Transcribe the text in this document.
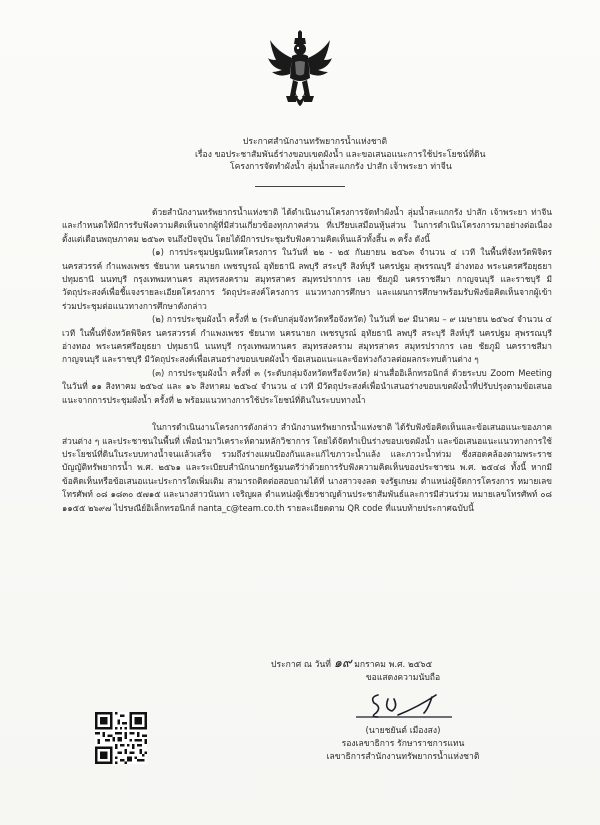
ประกาศสำนักงานทรัพยากรน้ำแห่งชาติ
เรื่อง ขอประชาสัมพันธ์ร่างขอบเขตผังน้ำ และขอเสนอแนะการใช้ประโยชน์ที่ดิน
โครงการจัดทำผังน้ำ ลุ่มน้ำสะแกกรัง ปาสัก เจ้าพระยา ท่าจีน

ด้วยสำนักงานทรัพยากรน้ำแห่งชาติ ได้ดำเนินงานโครงการจัดทำผังน้ำ ลุ่มน้ำสะแกกรัง ปาสัก เจ้าพระยา ท่าจีน และกำหนดให้มีการรับฟังความคิดเห็นจากผู้ที่มีส่วนเกี่ยวข้องทุกภาคส่วน ที่เปรียบเสมือนหุ้นส่วน ในการดำเนินโครงการมาอย่างต่อเนื่องตั้งแต่เดือนพฤษภาคม ๒๕๖๓ จนถึงปัจจุบัน โดยได้มีการประชุมรับฟังความคิดเห็นแล้วทั้งสิ้น ๓ ครั้ง ดังนี้

(๑) การประชุมปฐมนิเทศโครงการ ในวันที่ ๒๒ - ๒๕ กันยายน ๒๕๖๓ จำนวน ๔ เวที ในพื้นที่จังหวัดพิจิตร นครสวรรค์ กำแพงเพชร ชัยนาท นครนายก เพชรบูรณ์ อุทัยธานี ลพบุรี สระบุรี สิงห์บุรี นครปฐม สุพรรณบุรี อ่างทอง พระนครศรีอยุธยา ปทุมธานี นนทบุรี กรุงเทพมหานคร สมุทรสงคราม สมุทรสาคร สมุทรปราการ เลย ชัยภูมิ นครราชสีมา กาญจนบุรี และราชบุรี มีวัตถุประสงค์เพื่อชี้แจงรายละเอียดโครงการ วัตถุประสงค์โครงการ แนวทางการศึกษา และแผนการศึกษาพร้อมรับฟังข้อคิดเห็นจากผู้เข้าร่วมประชุมต่อแนวทางการศึกษาดังกล่าว

(๒) การประชุมผังน้ำ ครั้งที่ ๒ (ระดับกลุ่มจังหวัดหรือจังหวัด) ในวันที่ ๒๙ มีนาคม – ๙ เมษายน ๒๕๖๔ จำนวน ๔ เวที ในพื้นที่จังหวัดพิจิตร นครสวรรค์ กำแพงเพชร ชัยนาท นครนายก เพชรบูรณ์ อุทัยธานี ลพบุรี สระบุรี สิงห์บุรี นครปฐม สุพรรณบุรี อ่างทอง พระนครศรีอยุธยา ปทุมธานี นนทบุรี กรุงเทพมหานคร สมุทรสงคราม สมุทรสาคร สมุทรปราการ เลย ชัยภูมิ นครราชสีมา กาญจนบุรี และราชบุรี มีวัตถุประสงค์เพื่อเสนอร่างขอบเขตผังน้ำ ข้อเสนอแนะและข้อห่วงกังวลต่อผลกระทบด้านต่าง ๆ

(๓) การประชุมผังน้ำ ครั้งที่ ๓ (ระดับกลุ่มจังหวัดหรือจังหวัด) ผ่านสื่ออิเล็กทรอนิกส์ ด้วยระบบ Zoom Meeting ในวันที่ ๑๑ สิงหาคม ๒๕๖๔ และ ๑๖ สิงหาคม ๒๕๖๔ จำนวน ๔ เวที มีวัตถุประสงค์เพื่อนำเสนอร่างขอบเขตผังน้ำที่ปรับปรุงตามข้อเสนอแนะจากการประชุมผังน้ำ ครั้งที่ ๒ พร้อมแนวทางการใช้ประโยชน์ที่ดินในระบบทางน้ำ

ในการดำเนินงานโครงการดังกล่าว สำนักงานทรัพยากรน้ำแห่งชาติ ได้รับฟังข้อคิดเห็นและข้อเสนอแนะของภาคส่วนต่าง ๆ และประชาชนในพื้นที่ เพื่อนำมาวิเคราะห์ตามหลักวิชาการ โดยได้จัดทำเป็นร่างขอบเขตผังน้ำ และข้อเสนอแนะแนวทางการใช้ประโยชน์ที่ดินในระบบทางน้ำจนแล้วเสร็จ รวมถึงร่างแผนป้องกันและแก้ไขภาวะน้ำแล้ง และภาวะน้ำท่วม ซึ่งสอดคล้องตามพระราชบัญญัติทรัพยากรน้ำ พ.ศ. ๒๕๖๑ และระเบียบสำนักนายกรัฐมนตรีว่าด้วยการรับฟังความคิดเห็นของประชาชน พ.ศ. ๒๕๔๘ ทั้งนี้ หากมีข้อคิดเห็นหรือข้อเสนอแนะประการใดเพิ่มเติม สามารถติดต่อสอบถามได้ที่ นางสาวจงลด จงรัฐเกษม ตำแหน่งผู้จัดการโครงการ หมายเลขโทรศัพท์ ๐๘ ๑๘๓๐ ๕๗๑๕ และนางสาวนันทา เจริญผล ตำแหน่งผู้เชี่ยวชาญด้านประชาสัมพันธ์และการมีส่วนร่วม หมายเลขโทรศัพท์ ๐๘ ๑๑๕๕ ๒๖๙๗ ไปรษณีย์อิเล็กทรอนิกส์ nanta_c@team.co.th รายละเอียดตาม QR code ที่แนบท้ายประกาศฉบับนี้

ประกาศ ณ วันที่ ๑๙ มกราคม พ.ศ. ๒๕๖๕
ขอแสดงความนับถือ
(นายชยันต์ เมืองสง)
รองเลขาธิการ รักษาราชการแทน
เลขาธิการสำนักงานทรัพยากรน้ำแห่งชาติ
